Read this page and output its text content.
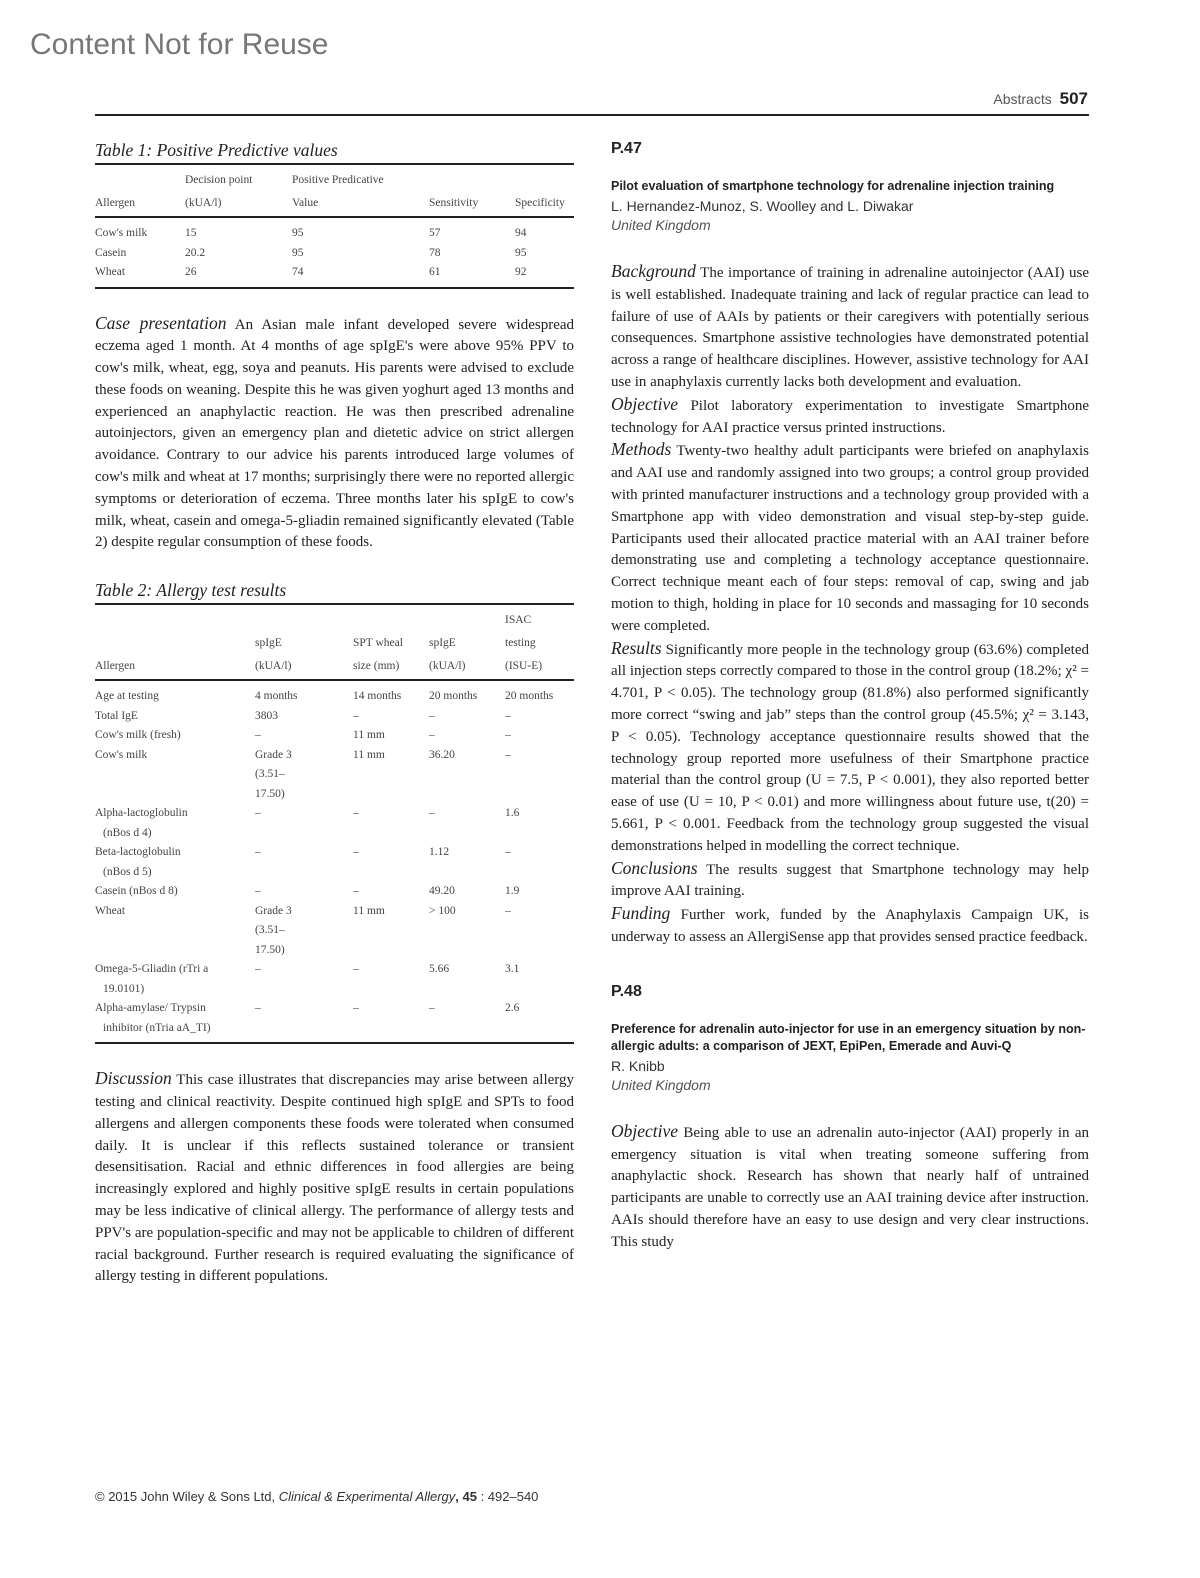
Content Not for Reuse
Abstracts 507

Table 1: Positive Predictive values

	Decision point	Positive Predicative		
Allergen	(kUA/l)	Value	Sensitivity	Specificity
Cow's milk	15	95	57	94
Casein	20.2	95	78	95
Wheat	26	74	61	92

Case presentation An Asian male infant developed severe widespread eczema aged 1 month. At 4 months of age spIgE's were above 95% PPV to cow's milk, wheat, egg, soya and peanuts. His parents were advised to exclude these foods on weaning. Despite this he was given yoghurt aged 13 months and experienced an anaphylactic reaction. He was then prescribed adrenaline autoinjectors, given an emergency plan and dietetic advice on strict allergen avoidance. Contrary to our advice his parents introduced large volumes of cow's milk and wheat at 17 months; surprisingly there were no reported allergic symptoms or deterioration of eczema. Three months later his spIgE to cow's milk, wheat, casein and omega-5-gliadin remained significantly elevated (Table 2) despite regular consumption of these foods.

Table 2: Allergy test results

				ISAC
	spIgE	SPT wheal	spIgE	testing
Allergen	(kUA/l)	size (mm)	(kUA/l)	(ISU-E)

Age at testing	4 months	14 months	20 months	20 months

Total IgE	3803	–	–	–

Cow's milk (fresh)	–	11 mm	–	–

Cow's milk	Grade 3
(3.51–
17.50)	11 mm	36.20	–

Alpha-lactoglobulin
(nBos d 4)	–	–	–	1.6

Beta-lactoglobulin
(nBos d 5)	–	–	1.12	–

Casein (nBos d 8)	–	–	49.20	1.9

Wheat	Grade 3
(3.51–
17.50)	11 mm	> 100	–

Omega-5-Gliadin (rTri a
19.0101)	–	–	5.66	3.1

Alpha-amylase/ Trypsin
inhibitor (nTria aA_TI)	–	–	–	2.6

Discussion This case illustrates that discrepancies may arise between allergy testing and clinical reactivity. Despite continued high spIgE and SPTs to food allergens and allergen components these foods were tolerated when consumed daily. It is unclear if this reflects sustained tolerance or transient desensitisation. Racial and ethnic differences in food allergies are being increasingly explored and highly positive spIgE results in certain populations may be less indicative of clinical allergy. The performance of allergy tests and PPV's are population-specific and may not be applicable to children of different racial background. Further research is required evaluating the significance of allergy testing in different populations.

P.47

Pilot evaluation of smartphone technology for adrenaline injection training

L. Hernandez-Munoz, S. Woolley and L. Diwakar

United Kingdom

Background The importance of training in adrenaline autoinjector (AAI) use is well established. Inadequate training and lack of regular practice can lead to failure of use of AAIs by patients or their caregivers with potentially serious consequences. Smartphone assistive technologies have demonstrated potential across a range of healthcare disciplines. However, assistive technology for AAI use in anaphylaxis currently lacks both development and evaluation.

Objective Pilot laboratory experimentation to investigate Smartphone technology for AAI practice versus printed instructions.

Methods Twenty-two healthy adult participants were briefed on anaphylaxis and AAI use and randomly assigned into two groups; a control group provided with printed manufacturer instructions and a technology group provided with a Smartphone app with video demonstration and visual step-by-step guide. Participants used their allocated practice material with an AAI trainer before demonstrating use and completing a technology acceptance questionnaire. Correct technique meant each of four steps: removal of cap, swing and jab motion to thigh, holding in place for 10 seconds and massaging for 10 seconds were completed.

Results Significantly more people in the technology group (63.6%) completed all injection steps correctly compared to those in the control group (18.2%; χ² = 4.701, P < 0.05). The technology group (81.8%) also performed significantly more correct “swing and jab” steps than the control group (45.5%; χ² = 3.143, P < 0.05). Technology acceptance questionnaire results showed that the technology group reported more usefulness of their Smartphone practice material than the control group (U = 7.5, P < 0.001), they also reported better ease of use (U = 10, P < 0.01) and more willingness about future use, t(20) = 5.661, P < 0.001. Feedback from the technology group suggested the visual demonstrations helped in modelling the correct technique.

Conclusions The results suggest that Smartphone technology may help improve AAI training.

Funding Further work, funded by the Anaphylaxis Campaign UK, is underway to assess an AllergiSense app that provides sensed practice feedback.

P.48

Preference for adrenalin auto-injector for use in an emergency situation by non-allergic adults: a comparison of JEXT, EpiPen, Emerade and Auvi-Q

R. Knibb

United Kingdom

Objective Being able to use an adrenalin auto-injector (AAI) properly in an emergency situation is vital when treating someone suffering from anaphylactic shock. Research has shown that nearly half of untrained participants are unable to correctly use an AAI training device after instruction. AAIs should therefore have an easy to use design and very clear instructions. This study

© 2015 John Wiley & Sons Ltd, Clinical & Experimental Allergy, 45 : 492–540
